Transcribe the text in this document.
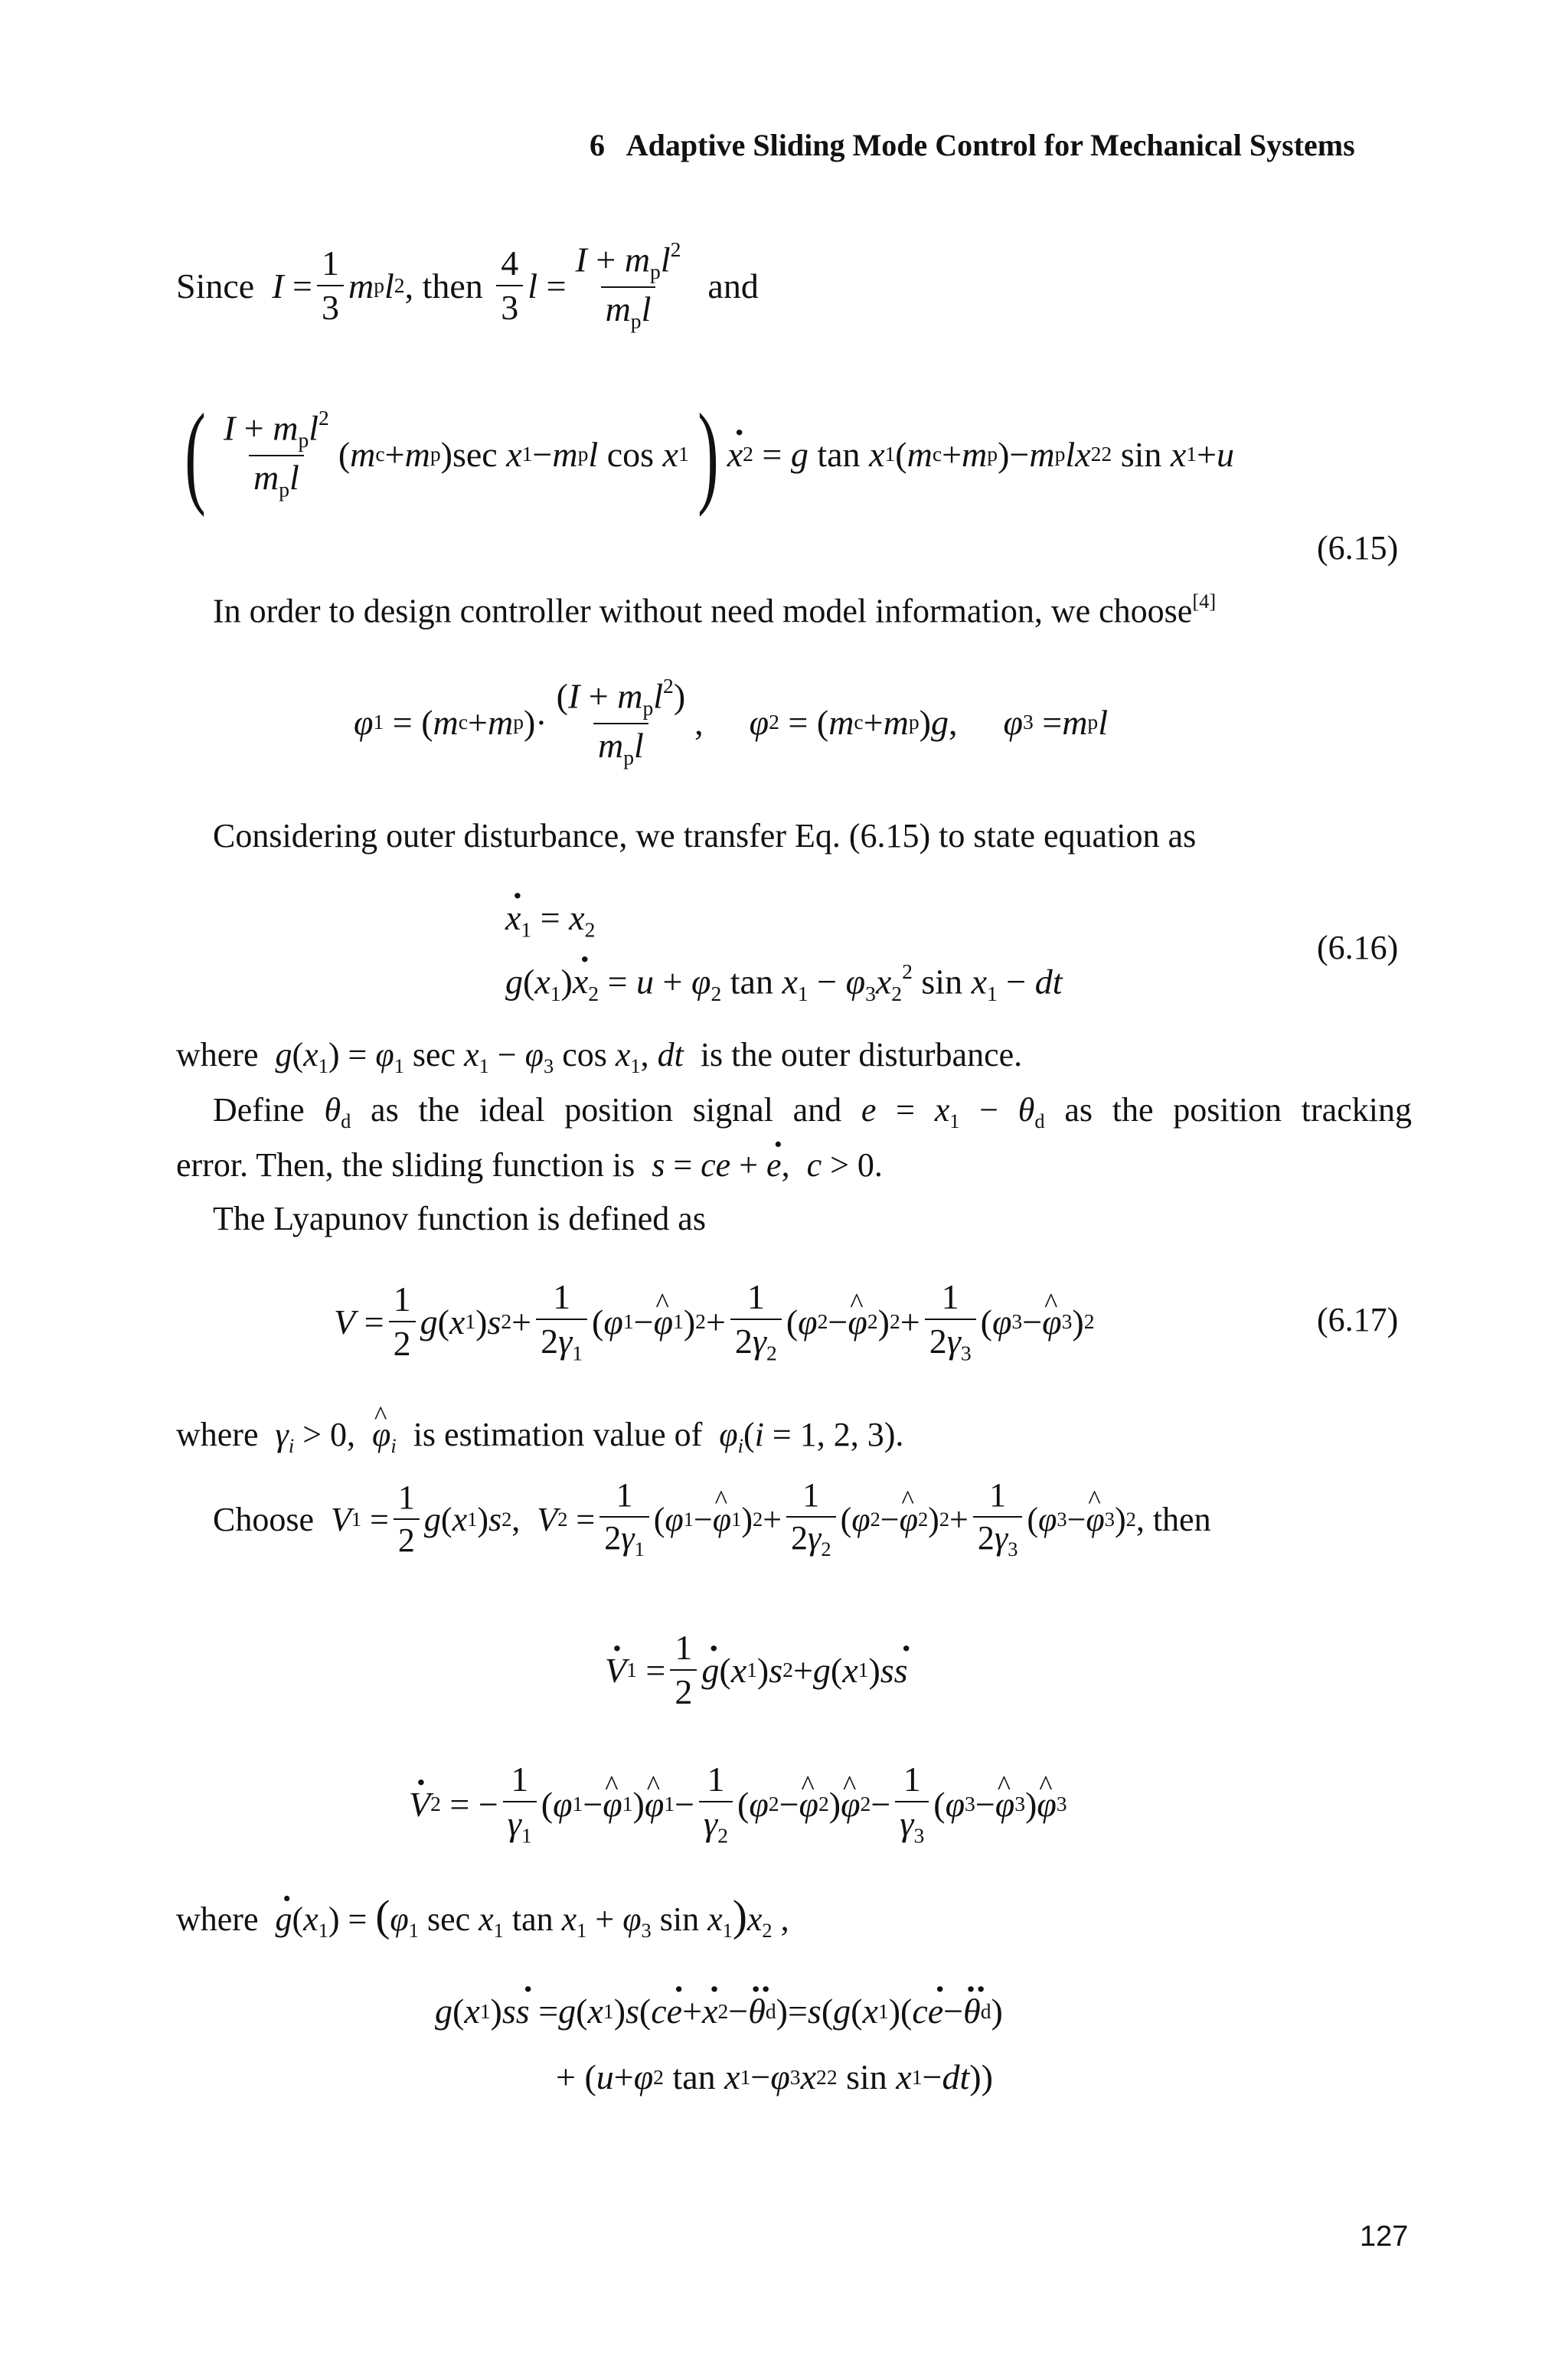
6 Adaptive Sliding Mode Control for Mechanical Systems
Since $I = \frac{1}{3}$ m p l 2 , then
$\frac{4}{3}$ $l = \frac{I + m_pl^2}{m_pl}$
and
( $\frac{I + m_pl^2}{m_pl}$ ( m c + m p )sec x 1 − m p l cos x 1 )
· x 2
= g tan x 1 ( m c + m p ) − m p lx 2 2
sin x 1 + u
(6.15)
In order to design controller without need model information, we choose[4]
φ 1
= ( m c + m p )· $\frac{(I + m_pl^2)}{m_pl}$ , φ 2
= ( m c + m p ) g , φ 3
= m p l
Considering outer disturbance, we transfer Eq. (6.15) to state equation as
· $x_1 = x_2$
$g(x_1)\cdot x_2 = u + \varphi_2$ $\tan x_1 - \varphi_3x_2^2$ $\sin x_1$ − dt
(6.16)
where $g(x_1) = \varphi_1$ $\sec x_1 - \varphi_3$ $\cos x_1$, dt is the outer disturbance.
Define $\theta_d$ as the ideal position signal and $e = x_1 - \theta_d$ as the position tracking
error. Then, the sliding function is s = ce + · e,  c > 0.
The Lyapunov function is defined as
$V = \frac{1}{2}$ g ( x 1 ) s $2 + \frac{1}{2\gamma_1}$ ( φ 1 −
^ φ 1 ) $2 + \frac{1}{2\gamma_2}$ ( φ 2 −
^ φ 2 ) $2 + \frac{1}{2\gamma_3}$ ( φ 3 −
^ φ 3 ) 2	(6.17)
where $\gamma_i > 0$,  ^ $\varphi_i$ is estimation value of $\varphi_i(i = 1$, 2, 3).
Choose V 1
= $\frac{1}{2}$ g ( x 1 ) s 2 , V 2
= $\frac{1}{2\gamma_1}$ ( φ 1 −
^ φ 1 ) $2 + \frac{1}{2\gamma_2}$ ( φ 2 −
^ φ 2 ) $2 + \frac{1}{2\gamma_3}$ ( φ 3 −
^ φ 3 ) 2 , then
· V 1
= $\frac{1}{2}$
· g ( x 1 ) s 2 + g ( x 1 ) s
· s
· V 2
= − $\frac{1}{\gamma_1}$ ( φ 1 −
^ φ 1 )
^ φ $1 - \frac{1}{\gamma_2}$ ( φ 2 −
^ φ 2 )
^ φ $2 - \frac{1}{\gamma_3}$ ( φ 3 −
^ φ 3 )
^ φ 3
where  · $g(x_1) = (\varphi_1$ $\sec x_1$ $\tan x_1 + \varphi_3$ $\sin x_1)x_2$ ,
g ( x 1 ) s
· s
= g ( x 1 ) s ( c
· e +
· x 2 −
·· θ d ) = s ( g ( x 1 )( c
· e −
·· θ d )
+ ( u + φ 2
tan x 1 − φ 3 x 2 2
sin x 1 − dt ))
127
